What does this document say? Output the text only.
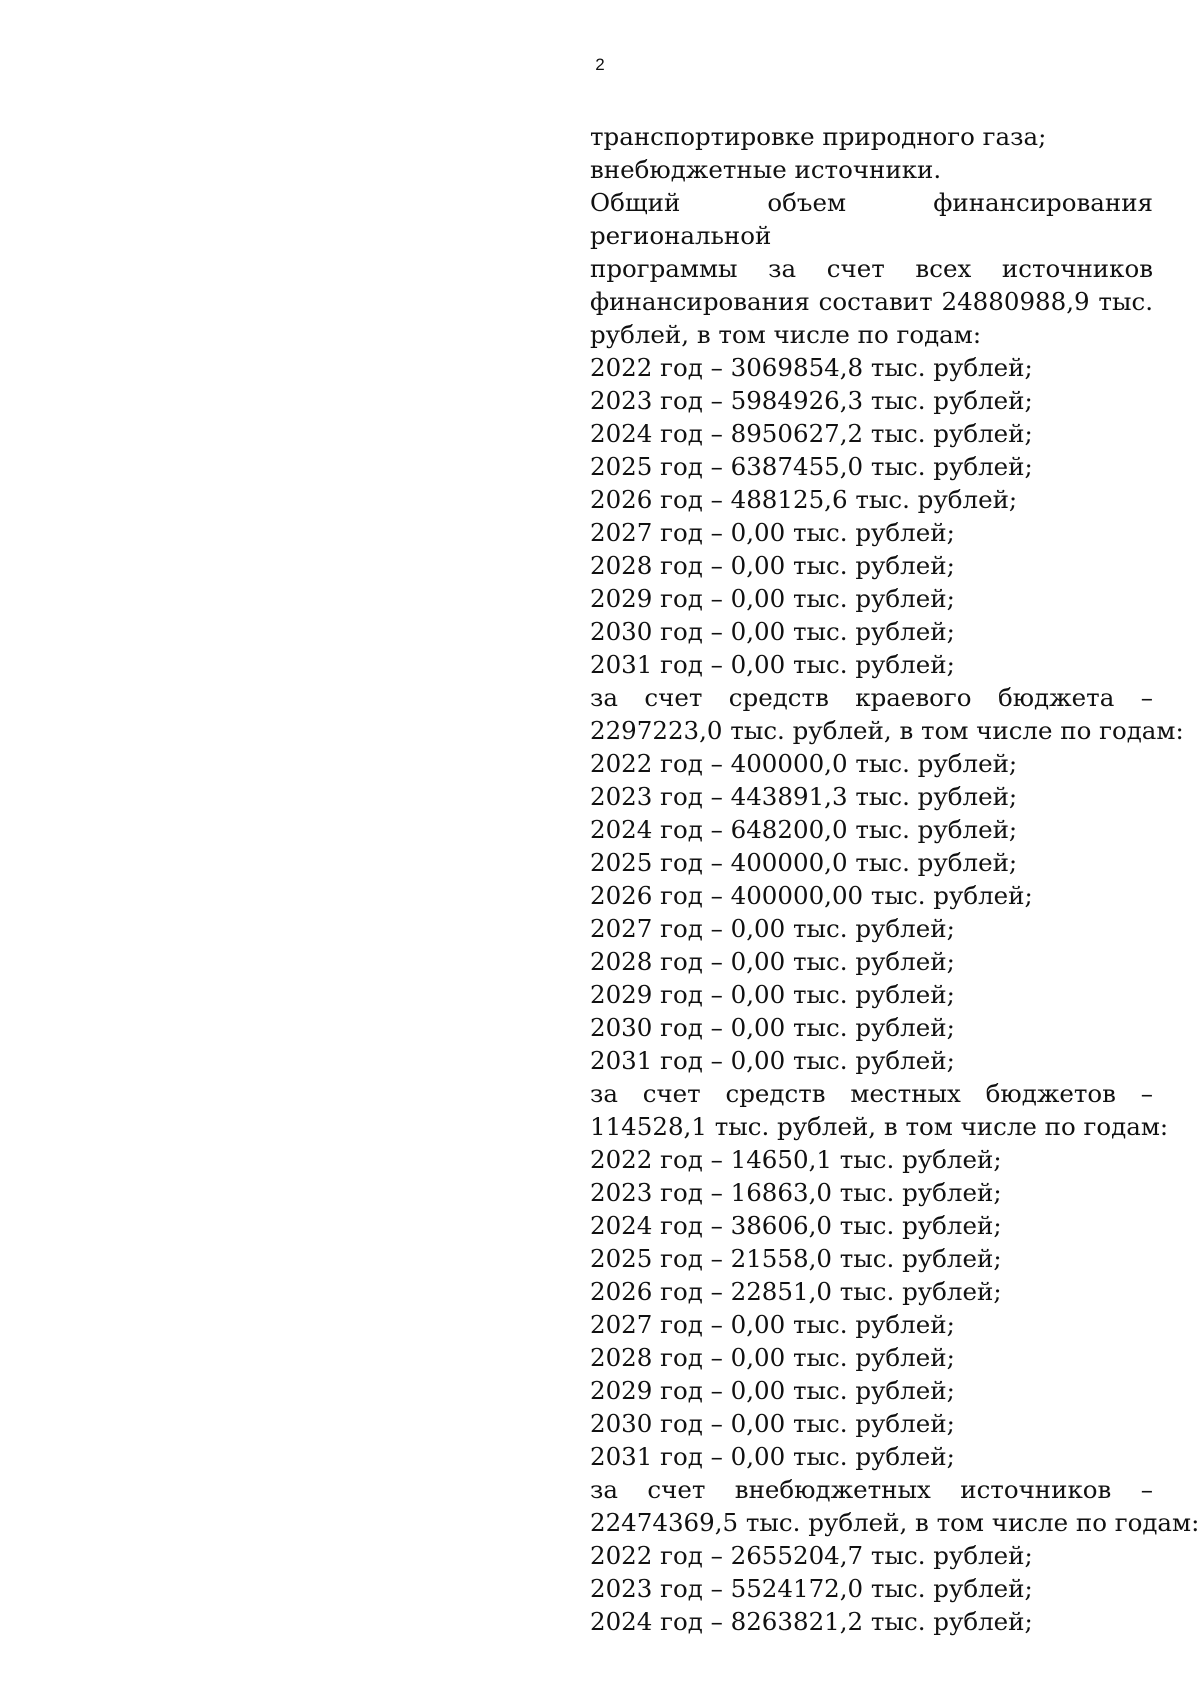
2
транспортировке природного газа;
внебюджетные источники.
Общий объем финансирования региональной
программы за счет всех источников
финансирования составит 24880988,9 тыс.
рублей, в том числе по годам:
2022 год – 3069854,8 тыс. рублей;
2023 год – 5984926,3 тыс. рублей;
2024 год – 8950627,2 тыс. рублей;
2025 год – 6387455,0 тыс. рублей;
2026 год – 488125,6 тыс. рублей;
2027 год – 0,00 тыс. рублей;
2028 год – 0,00 тыс. рублей;
2029 год – 0,00 тыс. рублей;
2030 год – 0,00 тыс. рублей;
2031 год – 0,00 тыс. рублей;
за счет средств краевого бюджета –
2297223,0 тыс. рублей, в том числе по годам:
2022 год – 400000,0 тыс. рублей;
2023 год – 443891,3 тыс. рублей;
2024 год – 648200,0 тыс. рублей;
2025 год – 400000,0 тыс. рублей;
2026 год – 400000,00 тыс. рублей;
2027 год – 0,00 тыс. рублей;
2028 год – 0,00 тыс. рублей;
2029 год – 0,00 тыс. рублей;
2030 год – 0,00 тыс. рублей;
2031 год – 0,00 тыс. рублей;
за счет средств местных бюджетов –
114528,1 тыс. рублей, в том числе по годам:
2022 год – 14650,1 тыс. рублей;
2023 год – 16863,0 тыс. рублей;
2024 год – 38606,0 тыс. рублей;
2025 год – 21558,0 тыс. рублей;
2026 год – 22851,0 тыс. рублей;
2027 год – 0,00 тыс. рублей;
2028 год – 0,00 тыс. рублей;
2029 год – 0,00 тыс. рублей;
2030 год – 0,00 тыс. рублей;
2031 год – 0,00 тыс. рублей;
за счет внебюджетных источников –
22474369,5 тыс. рублей, в том числе по годам:
2022 год – 2655204,7 тыс. рублей;
2023 год – 5524172,0 тыс. рублей;
2024 год – 8263821,2 тыс. рублей;
